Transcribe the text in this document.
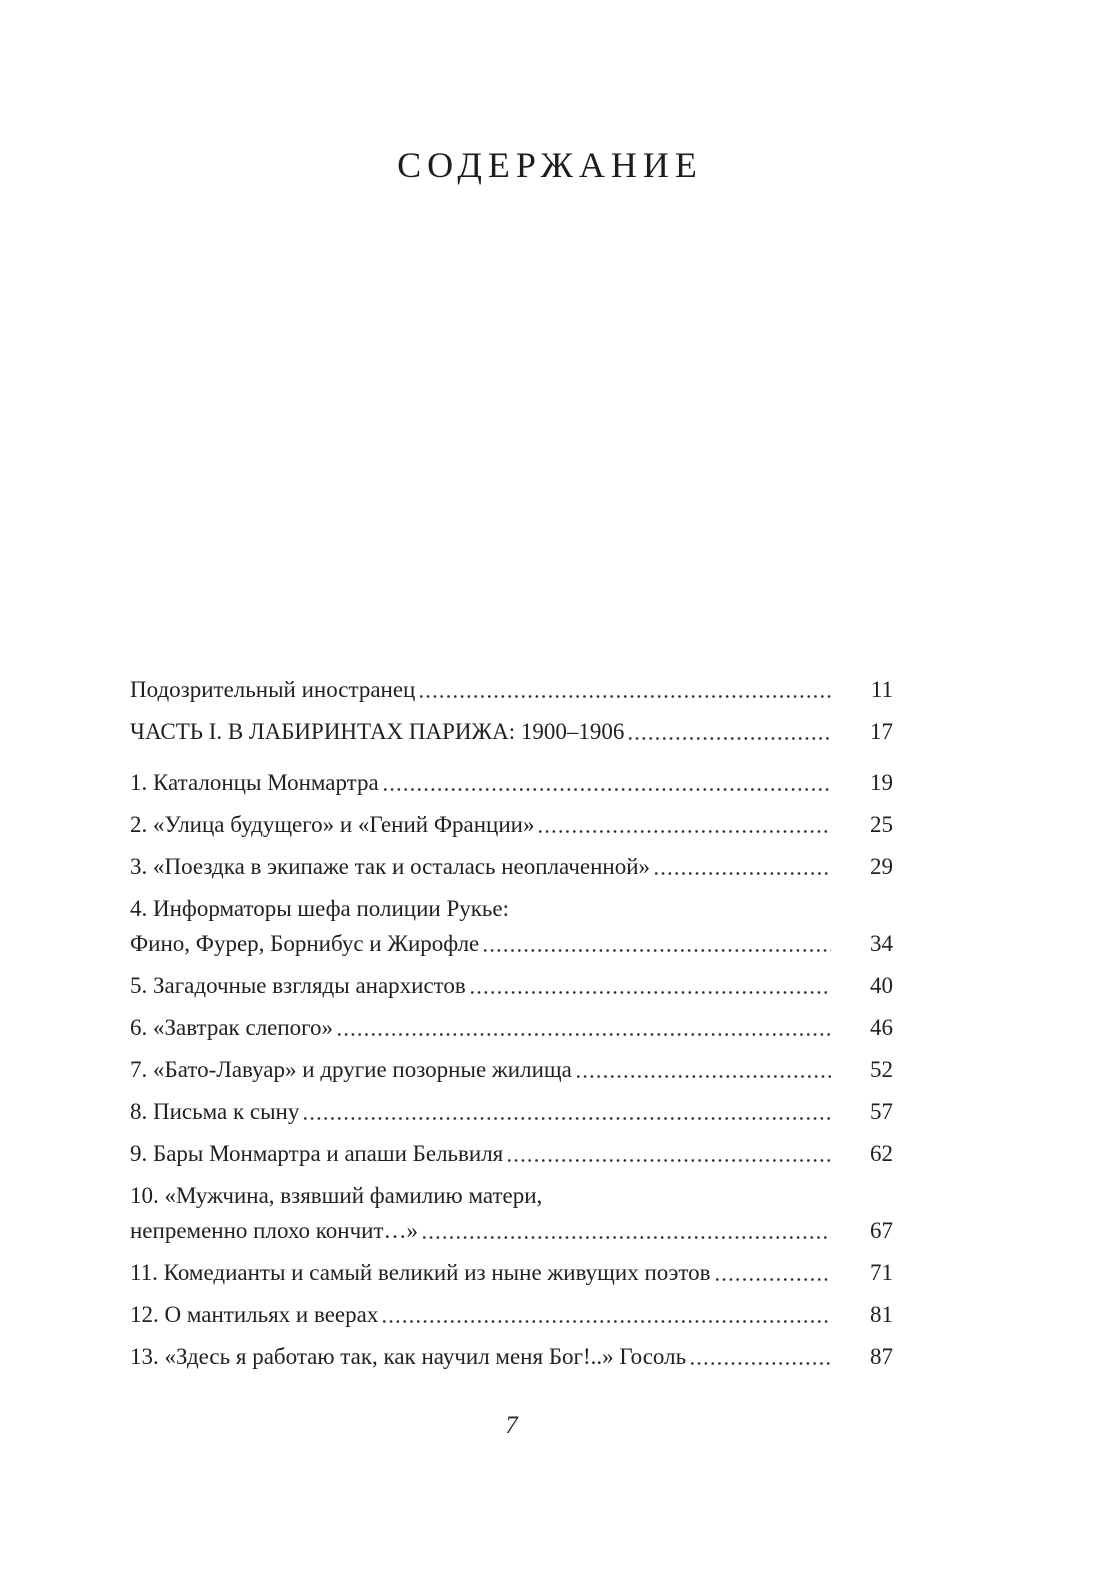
СОДЕРЖАНИЕ
Подозрительный иностранец	11
ЧАСТЬ I. В ЛАБИРИНТАХ ПАРИЖА: 1900–1906	17
1. Каталонцы Монмартра	19
2. «Улица будущего» и «Гений Франции»	25
3. «Поездка в экипаже так и осталась неоплаченной»	29
4. Информаторы шефа полиции Рукье:
Фино, Фурер, Борнибус и Жирофле	34
5. Загадочные взгляды анархистов	40
6. «Завтрак слепого»	46
7. «Бато-Лавуар» и другие позорные жилища	52
8. Письма к сыну	57
9. Бары Монмартра и апаши Бельвиля	62
10. «Мужчина, взявший фамилию матери,
непременно плохо кончит…»	67
11. Комедианты и самый великий из ныне живущих поэтов	71
12. О мантильях и веерах	81
13. «Здесь я работаю так, как научил меня Бог!..» Госоль	87
7
